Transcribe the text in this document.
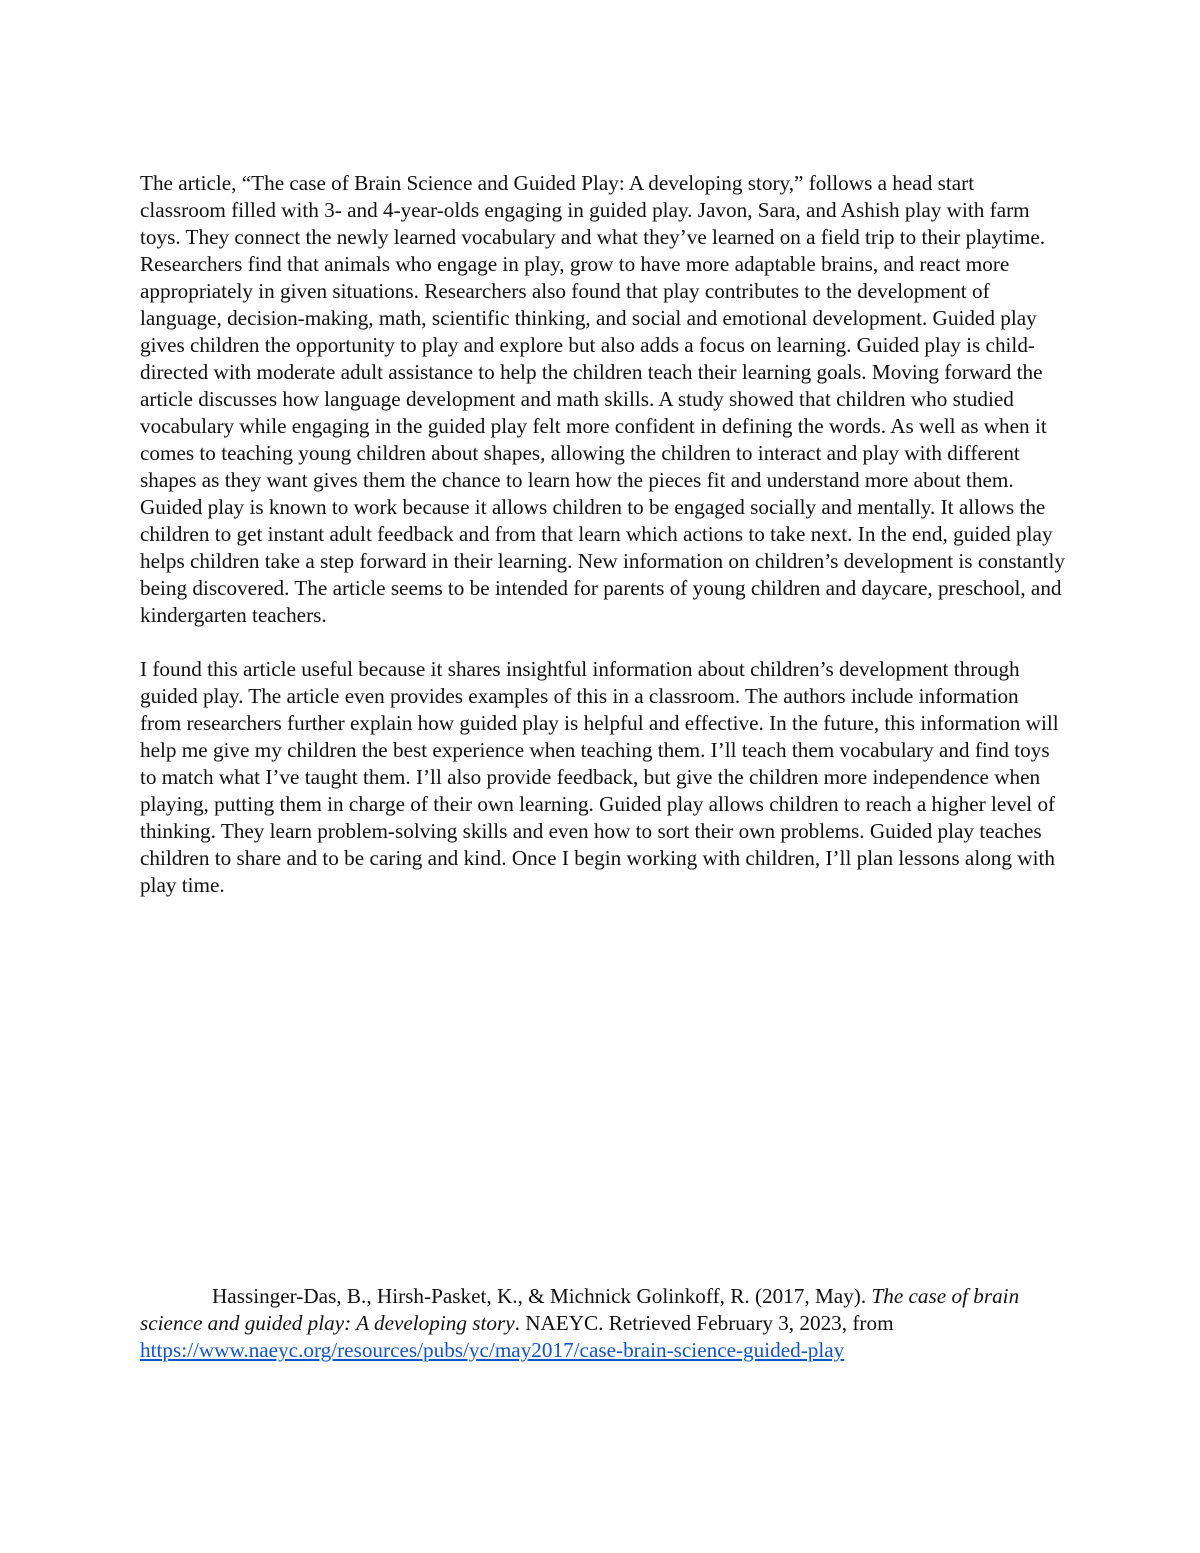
The article, “The case of Brain Science and Guided Play: A developing story,” follows a head start classroom filled with 3- and 4-year-olds engaging in guided play. Javon, Sara, and Ashish play with farm toys. They connect the newly learned vocabulary and what they’ve learned on a field trip to their playtime. Researchers find that animals who engage in play, grow to have more adaptable brains, and react more appropriately in given situations. Researchers also found that play contributes to the development of language, decision-making, math, scientific thinking, and social and emotional development. Guided play gives children the opportunity to play and explore but also adds a focus on learning. Guided play is child-directed with moderate adult assistance to help the children teach their learning goals. Moving forward the article discusses how language development and math skills. A study showed that children who studied vocabulary while engaging in the guided play felt more confident in defining the words. As well as when it comes to teaching young children about shapes, allowing the children to interact and play with different shapes as they want gives them the chance to learn how the pieces fit and understand more about them. Guided play is known to work because it allows children to be engaged socially and mentally. It allows the children to get instant adult feedback and from that learn which actions to take next. In the end, guided play helps children take a step forward in their learning. New information on children’s development is constantly being discovered. The article seems to be intended for parents of young children and daycare, preschool, and kindergarten teachers.

I found this article useful because it shares insightful information about children’s development through guided play. The article even provides examples of this in a classroom. The authors include information from researchers further explain how guided play is helpful and effective. In the future, this information will help me give my children the best experience when teaching them. I’ll teach them vocabulary and find toys to match what I’ve taught them. I’ll also provide feedback, but give the children more independence when playing, putting them in charge of their own learning. Guided play allows children to reach a higher level of thinking. They learn problem-solving skills and even how to sort their own problems. Guided play teaches children to share and to be caring and kind. Once I begin working with children, I’ll plan lessons along with play time.

Hassinger-Das, B., Hirsh-Pasket, K., & Michnick Golinkoff, R. (2017, May). The case of brain science and guided play: A developing story. NAEYC. Retrieved February 3, 2023, from https://www.naeyc.org/resources/pubs/yc/may2017/case-brain-science-guided-play
